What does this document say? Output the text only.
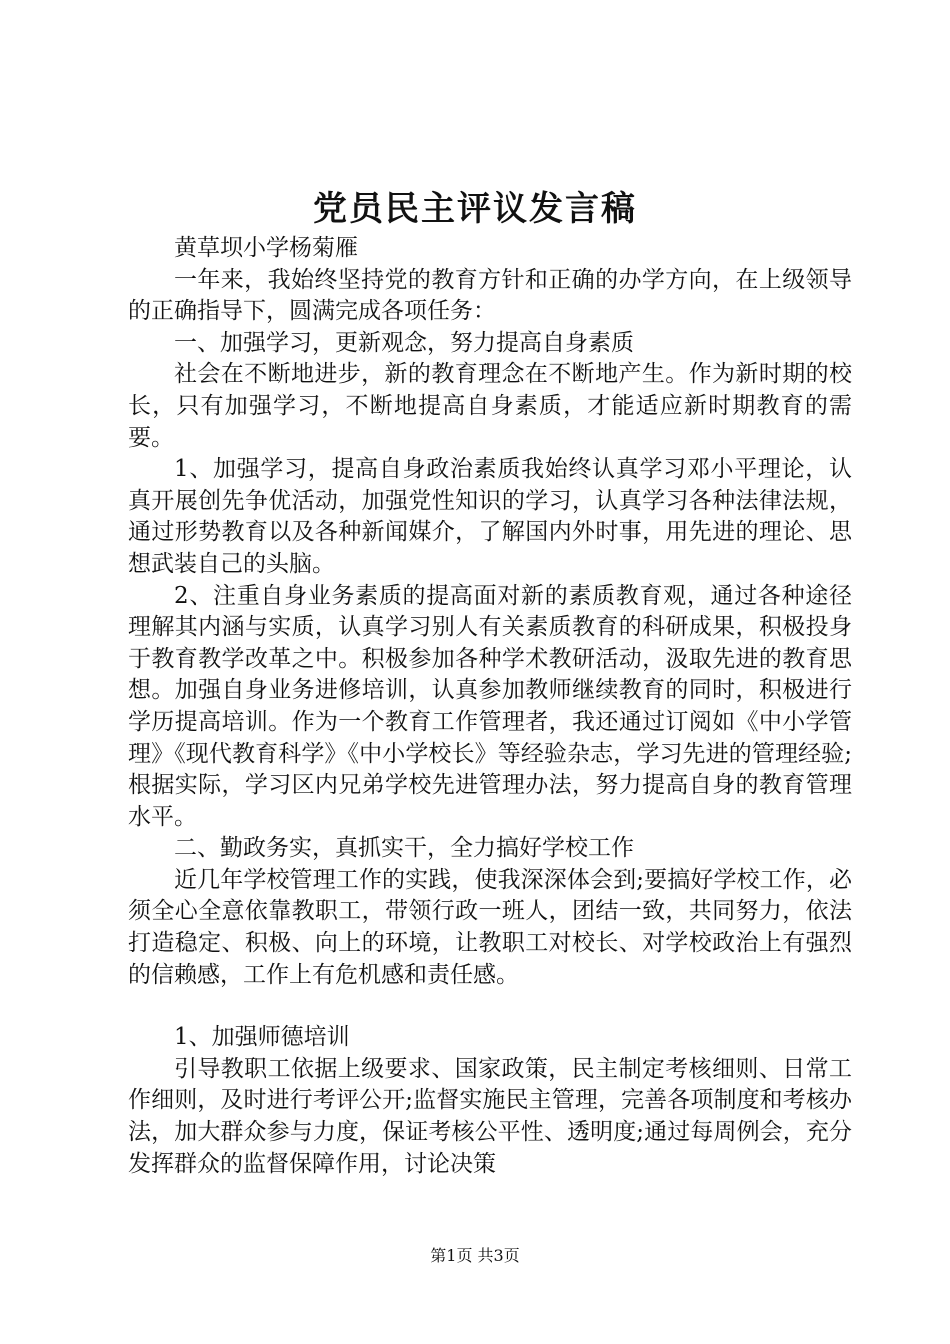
党员民主评议发言稿

黄草坝小学杨菊雁

一年来，我始终坚持党的教育方针和正确的办学方向，在上级领导的正确指导下，圆满完成各项任务：

一、加强学习，更新观念，努力提高自身素质

社会在不断地进步，新的教育理念在不断地产生。作为新时期的校长，只有加强学习，不断地提高自身素质，才能适应新时期教育的需要。

1、加强学习，提高自身政治素质我始终认真学习邓小平理论，认真开展创先争优活动，加强党性知识的学习，认真学习各种法律法规，通过形势教育以及各种新闻媒介，了解国内外时事，用先进的理论、思想武装自己的头脑。

2、注重自身业务素质的提高面对新的素质教育观，通过各种途径理解其内涵与实质，认真学习别人有关素质教育的科研成果，积极投身于教育教学改革之中。积极参加各种学术教研活动，汲取先进的教育思想。加强自身业务进修培训，认真参加教师继续教育的同时，积极进行学历提高培训。作为一个教育工作管理者，我还通过订阅如《中小学管理》《现代教育科学》《中小学校长》等经验杂志，学习先进的管理经验;根据实际，学习区内兄弟学校先进管理办法，努力提高自身的教育管理水平。

二、勤政务实，真抓实干，全力搞好学校工作

近几年学校管理工作的实践，使我深深体会到;要搞好学校工作，必须全心全意依靠教职工，带领行政一班人，团结一致，共同努力，依法打造稳定、积极、向上的环境，让教职工对校长、对学校政治上有强烈的信赖感，工作上有危机感和责任感。

1、加强师德培训

引导教职工依据上级要求、国家政策，民主制定考核细则、日常工作细则，及时进行考评公开;监督实施民主管理，完善各项制度和考核办法，加大群众参与力度，保证考核公平性、透明度;通过每周例会，充分发挥群众的监督保障作用，讨论决策

第1页 共3页
